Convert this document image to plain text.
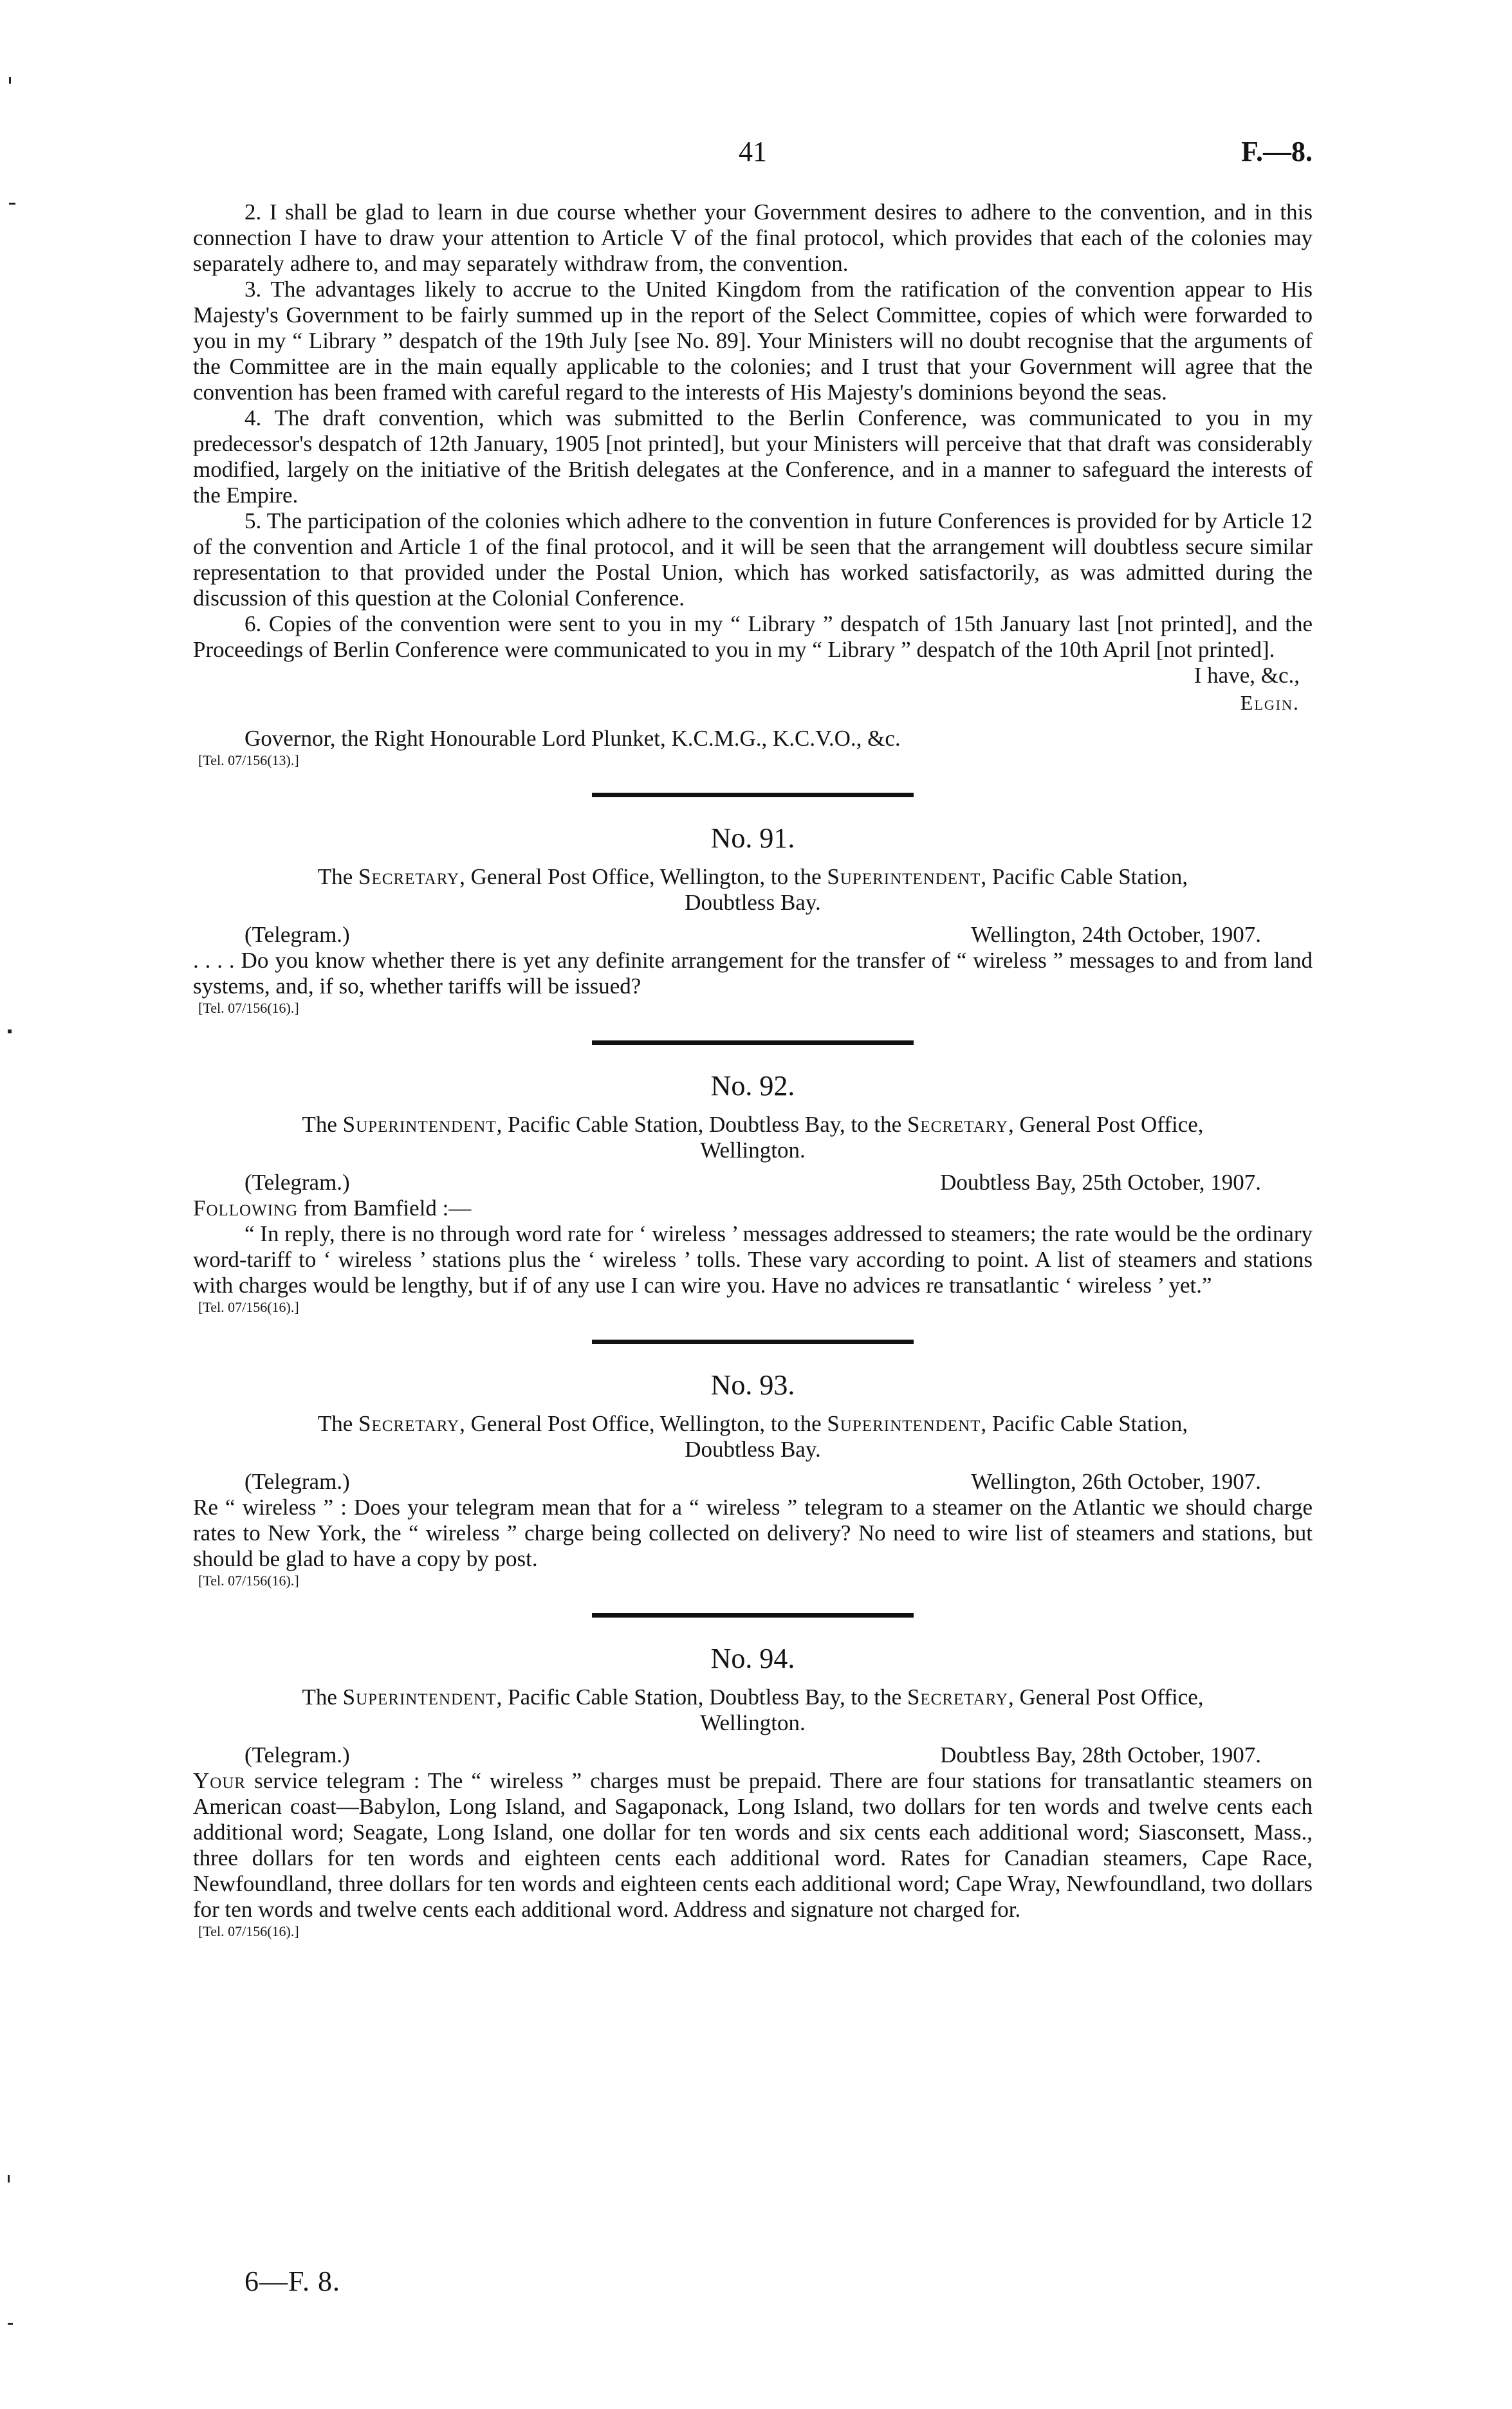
41	F.—8.

2. I shall be glad to learn in due course whether your Government desires to adhere to the convention, and in this connection I have to draw your attention to Article V of the final protocol, which provides that each of the colonies may separately adhere to, and may separately withdraw from, the convention.

3. The advantages likely to accrue to the United Kingdom from the ratification of the convention appear to His Majesty's Government to be fairly summed up in the report of the Select Committee, copies of which were forwarded to you in my “ Library ” despatch of the 19th July [see No. 89]. Your Ministers will no doubt recognise that the arguments of the Committee are in the main equally applicable to the colonies; and I trust that your Government will agree that the convention has been framed with careful regard to the interests of His Majesty's dominions beyond the seas.

4. The draft convention, which was submitted to the Berlin Conference, was communicated to you in my predecessor's despatch of 12th January, 1905 [not printed], but your Ministers will perceive that that draft was considerably modified, largely on the initiative of the British delegates at the Conference, and in a manner to safeguard the interests of the Empire.

5. The participation of the colonies which adhere to the convention in future Conferences is provided for by Article 12 of the convention and Article 1 of the final protocol, and it will be seen that the arrangement will doubtless secure similar representation to that provided under the Postal Union, which has worked satisfactorily, as was admitted during the discussion of this question at the Colonial Conference.

6. Copies of the convention were sent to you in my “ Library ” despatch of 15th January last [not printed], and the Proceedings of Berlin Conference were communicated to you in my “ Library ” despatch of the 10th April [not printed].

I have, &c.,
Elgin.
Governor, the Right Honourable Lord Plunket, K.C.M.G., K.C.V.O., &c.
[Tel. 07/156(13).]
No. 91.

The Secretary, General Post Office, Wellington, to the Superintendent, Pacific Cable Station,

Doubtless Bay.

(Telegram.)	Wellington, 24th October, 1907.

. . . . Do you know whether there is yet any definite arrangement for the transfer of “ wireless ” messages to and from land systems, and, if so, whether tariffs will be issued?

[Tel. 07/156(16).]
No. 92.

The Superintendent, Pacific Cable Station, Doubtless Bay, to the Secretary, General Post Office,

Wellington.

(Telegram.)	Doubtless Bay, 25th October, 1907.

Following from Bamfield :—

“ In reply, there is no through word rate for ‘ wireless ’ messages addressed to steamers; the rate would be the ordinary word-tariff to ‘ wireless ’ stations plus the ‘ wireless ’ tolls. These vary according to point. A list of steamers and stations with charges would be lengthy, but if of any use I can wire you. Have no advices re transatlantic ‘ wireless ’ yet.”

[Tel. 07/156(16).]
No. 93.

The Secretary, General Post Office, Wellington, to the Superintendent, Pacific Cable Station,

Doubtless Bay.

(Telegram.)	Wellington, 26th October, 1907.

Re “ wireless ” : Does your telegram mean that for a “ wireless ” telegram to a steamer on the Atlantic we should charge rates to New York, the “ wireless ” charge being collected on delivery? No need to wire list of steamers and stations, but should be glad to have a copy by post.

[Tel. 07/156(16).]
No. 94.

The Superintendent, Pacific Cable Station, Doubtless Bay, to the Secretary, General Post Office,

Wellington.

(Telegram.)	Doubtless Bay, 28th October, 1907.

Your service telegram : The “ wireless ” charges must be prepaid. There are four stations for transatlantic steamers on American coast—Babylon, Long Island, and Sagaponack, Long Island, two dollars for ten words and twelve cents each additional word; Seagate, Long Island, one dollar for ten words and six cents each additional word; Siasconsett, Mass., three dollars for ten words and eighteen cents each additional word. Rates for Canadian steamers, Cape Race, Newfoundland, three dollars for ten words and eighteen cents each additional word; Cape Wray, Newfoundland, two dollars for ten words and twelve cents each additional word. Address and signature not charged for.

[Tel. 07/156(16).]
6—F. 8.
